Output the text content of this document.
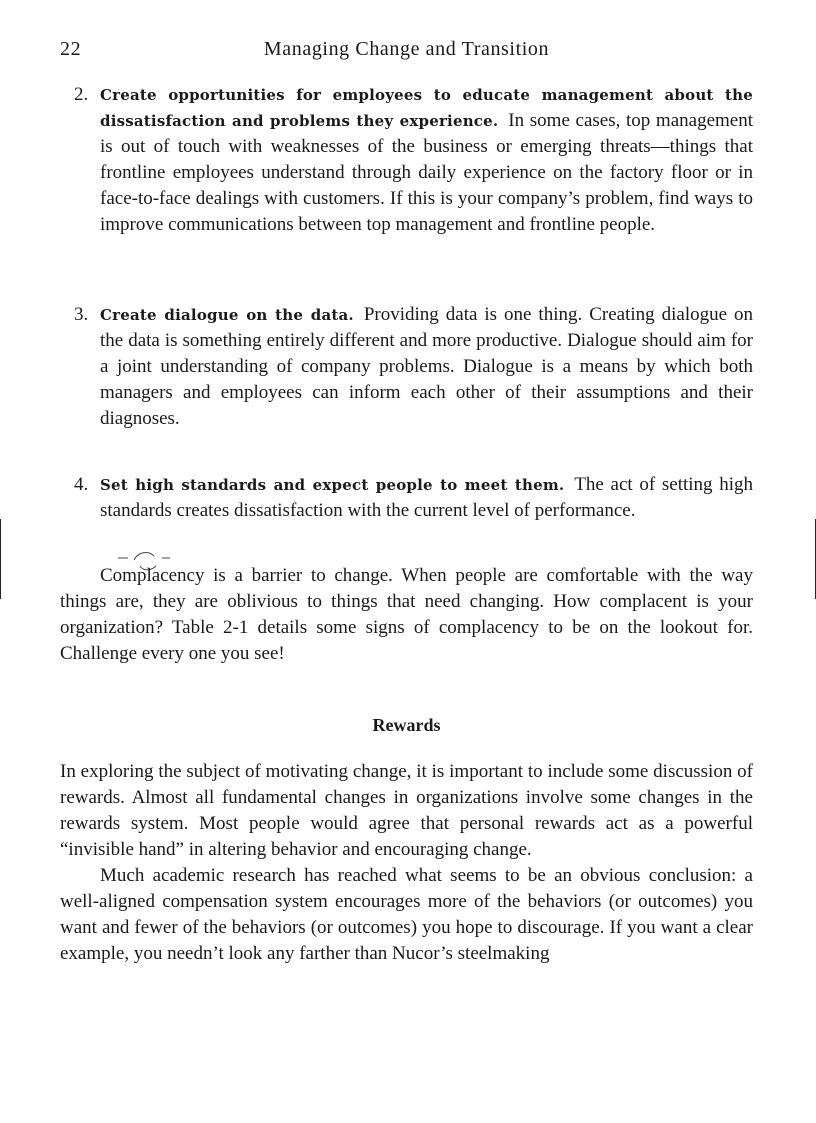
22	Managing Change and Transition
2. Create opportunities for employees to educate management about the dissatisfaction and problems they experience. In some cases, top management is out of touch with weaknesses of the business or emerging threats—things that frontline employees understand through daily experience on the factory floor or in face-to-face dealings with customers. If this is your company’s problem, find ways to improve communications between top management and frontline people.
3. Create dialogue on the data. Providing data is one thing. Creating dialogue on the data is something entirely different and more productive. Dialogue should aim for a joint understanding of company problems. Dialogue is a means by which both managers and employees can inform each other of their assumptions and their diagnoses.
4. Set high standards and expect people to meet them. The act of setting high standards creates dissatisfaction with the current level of performance.

Complacency is a barrier to change. When people are comfortable with the way things are, they are oblivious to things that need changing. How complacent is your organization? Table 2-1 details some signs of complacency to be on the lookout for. Challenge every one you see!

Rewards

In exploring the subject of motivating change, it is important to include some discussion of rewards. Almost all fundamental changes in organizations involve some changes in the rewards system. Most people would agree that personal rewards act as a powerful “invisible hand” in altering behavior and encouraging change.

Much academic research has reached what seems to be an obvious conclusion: a well-aligned compensation system encourages more of the behaviors (or outcomes) you want and fewer of the behaviors (or outcomes) you hope to discourage. If you want a clear example, you needn’t look any farther than Nucor’s steelmaking
